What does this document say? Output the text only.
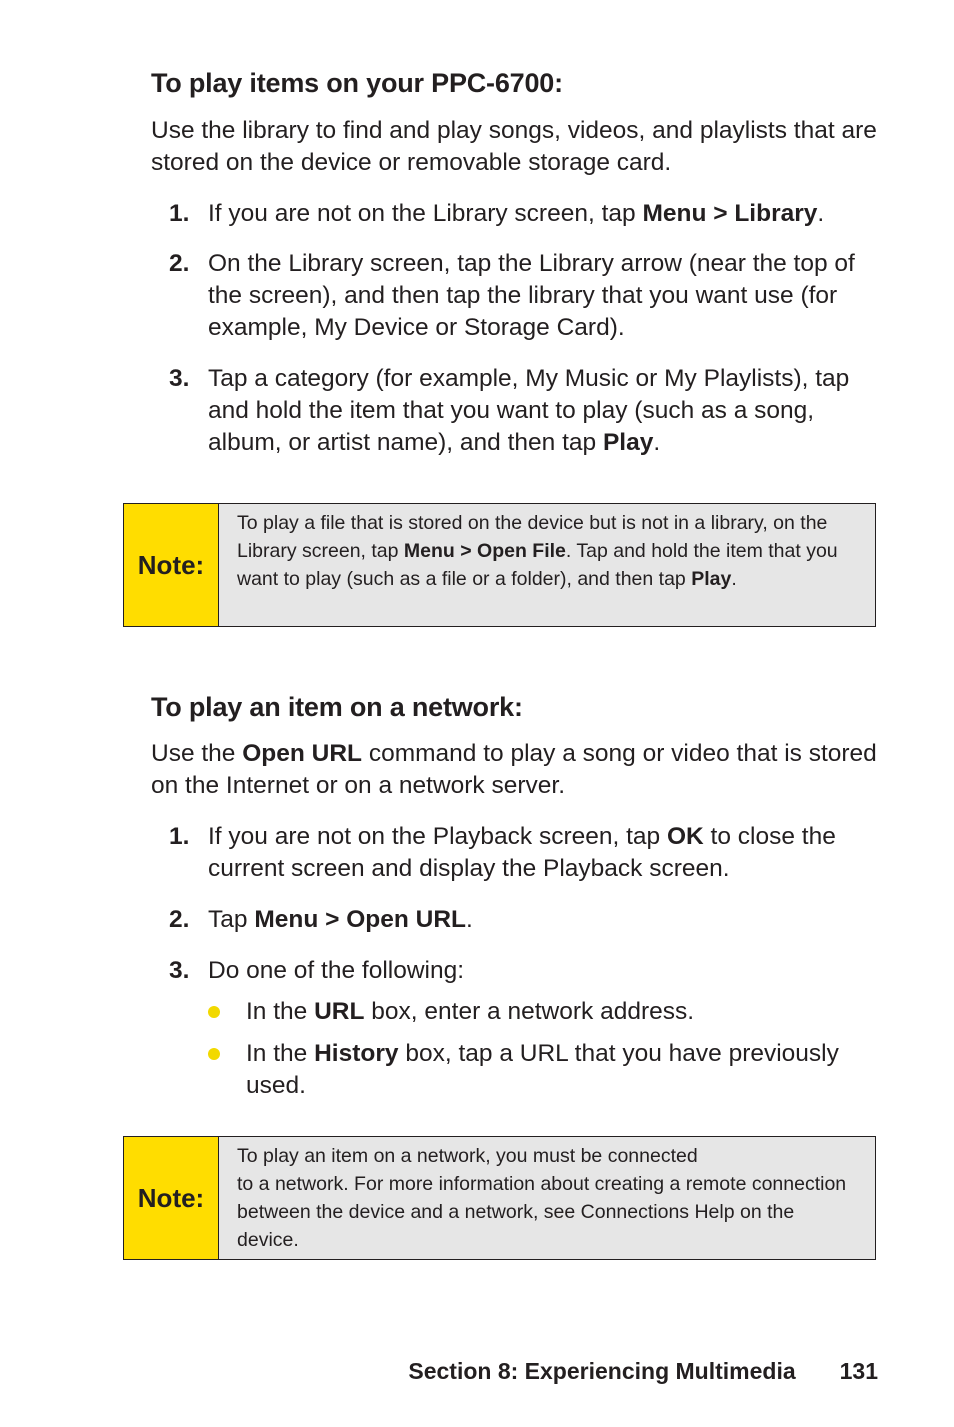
To play items on your PPC-6700:

Use the library to find and play songs, videos, and playlists that are stored on the device or removable storage card.

1. If you are not on the Library screen, tap Menu > Library.
2. On the Library screen, tap the Library arrow (near the top of the screen), and then tap the library that you want use (for example, My Device or Storage Card).
3. Tap a category (for example, My Music or My Playlists), tap and hold the item that you want to play (such as a song, album, or artist name), and then tap Play.
Note:
To play a file that is stored on the device but is not in a library, on the Library screen, tap Menu > Open File. Tap and hold the item that you want to play (such as a file or a folder), and then tap Play.
To play an item on a network:

Use the Open URL command to play a song or video that is stored on the Internet or on a network server.

1. If you are not on the Playback screen, tap OK to close the current screen and display the Playback screen.
2. Tap Menu > Open URL.
3. Do one of the following:
In the URL box, enter a network address.
In the History box, tap a URL that you have previously used.
Note:
To play an item on a network, you must be connected
to a network. For more information about creating a remote connection between the device and a network, see Connections Help on the device.

Section 8: Experiencing Multimedia 131
